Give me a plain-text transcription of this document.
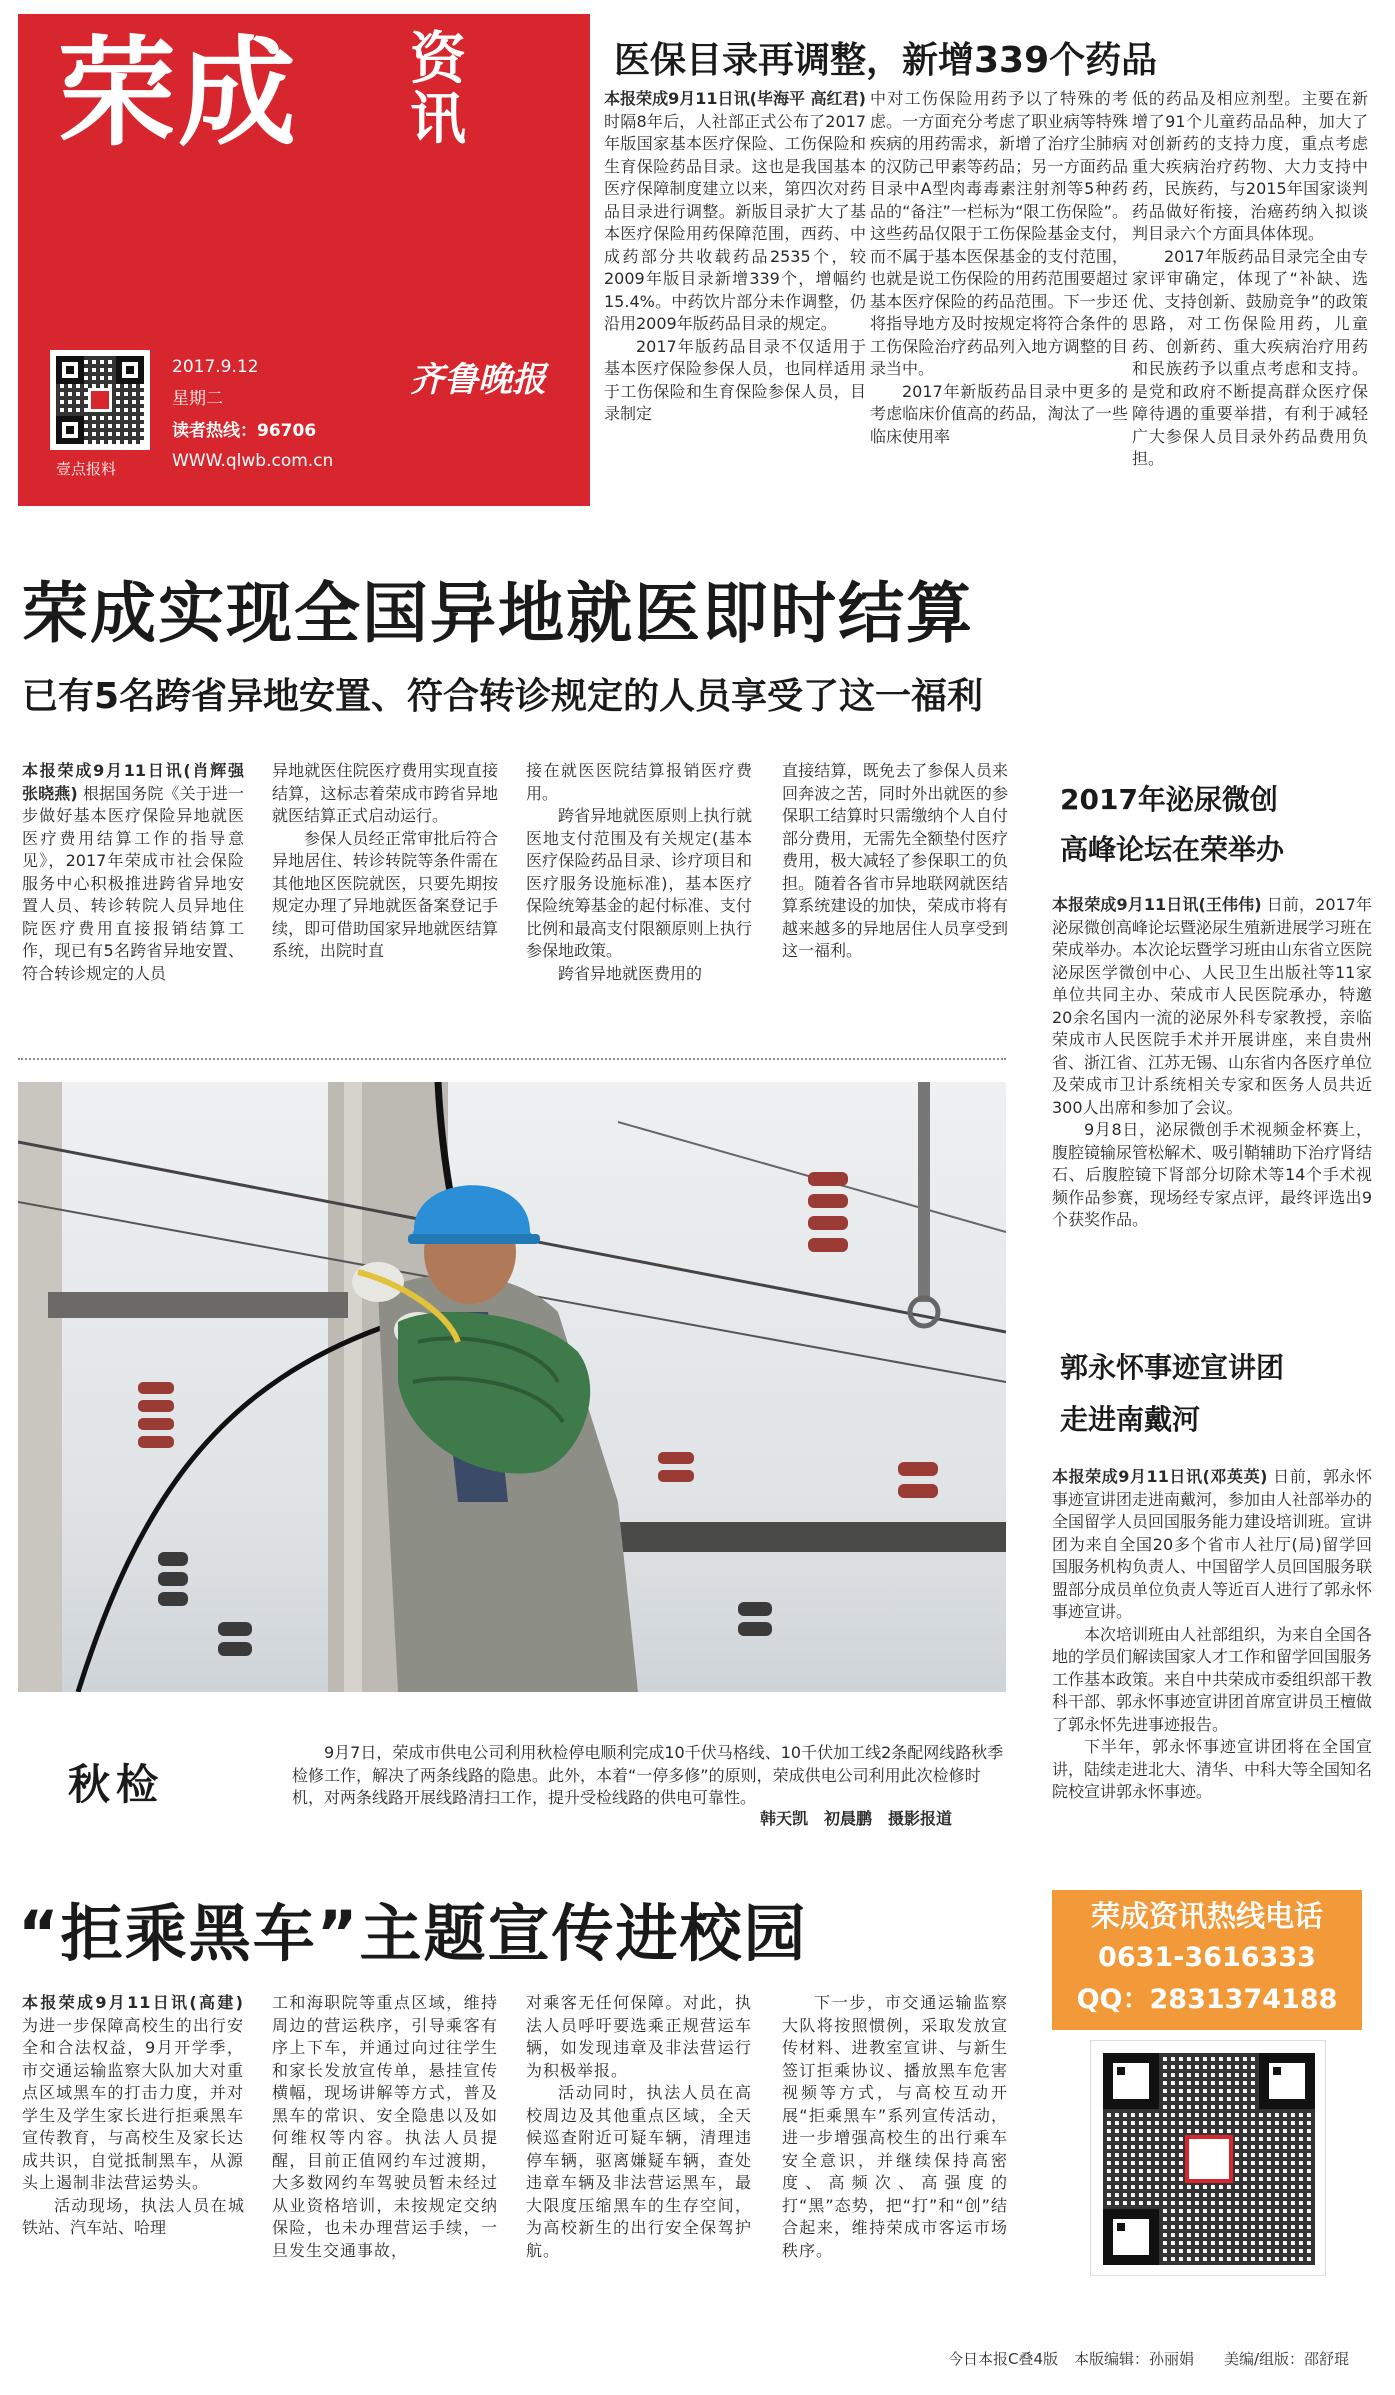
荣成 资讯
壹点报料
2017.9.12
星期二
读者热线：96706
WWW.qlwb.com.cn
齐鲁晚报
医保目录再调整，新增339个药品

本报荣成9月11日讯(毕海平 高红君) 时隔8年后，人社部正式公布了2017年版国家基本医疗保险、工伤保险和生育保险药品目录。这也是我国基本医疗保障制度建立以来，第四次对药品目录进行调整。新版目录扩大了基本医疗保险用药保障范围，西药、中成药部分共收载药品2535个，较2009年版目录新增339个，增幅约15.4%。中药饮片部分未作调整，仍沿用2009年版药品目录的规定。

2017年版药品目录不仅适用于基本医疗保险参保人员，也同样适用于工伤保险和生育保险参保人员，目录制定

中对工伤保险用药予以了特殊的考虑。一方面充分考虑了职业病等特殊疾病的用药需求，新增了治疗尘肺病的汉防己甲素等药品；另一方面药品目录中A型肉毒毒素注射剂等5种药品的“备注”一栏标为“限工伤保险”。这些药品仅限于工伤保险基金支付，而不属于基本医保基金的支付范围，也就是说工伤保险的用药范围要超过基本医疗保险的药品范围。下一步还将指导地方及时按规定将符合条件的工伤保险治疗药品列入地方调整的目录当中。

2017年新版药品目录中更多的考虑临床价值高的药品，淘汰了一些临床使用率

低的药品及相应剂型。主要在新增了91个儿童药品品种，加大了对创新药的支持力度，重点考虑重大疾病治疗药物、大力支持中药，民族药，与2015年国家谈判药品做好衔接，治癌药纳入拟谈判目录六个方面具体体现。

2017年版药品目录完全由专家评审确定，体现了“补缺、选优、支持创新、鼓励竞争”的政策思路，对工伤保险用药，儿童药、创新药、重大疾病治疗用药和民族药予以重点考虑和支持。是党和政府不断提高群众医疗保障待遇的重要举措，有利于减轻广大参保人员目录外药品费用负担。

荣成实现全国异地就医即时结算
已有5名跨省异地安置、符合转诊规定的人员享受了这一福利

本报荣成9月11日讯(肖辉强 张晓燕) 根据国务院《关于进一步做好基本医疗保险异地就医医疗费用结算工作的指导意见》，2017年荣成市社会保险服务中心积极推进跨省异地安置人员、转诊转院人员异地住院医疗费用直接报销结算工作，现已有5名跨省异地安置、符合转诊规定的人员

异地就医住院医疗费用实现直接结算，这标志着荣成市跨省异地就医结算正式启动运行。

参保人员经正常审批后符合异地居住、转诊转院等条件需在其他地区医院就医，只要先期按规定办理了异地就医备案登记手续，即可借助国家异地就医结算系统，出院时直

接在就医医院结算报销医疗费用。

跨省异地就医原则上执行就医地支付范围及有关规定(基本医疗保险药品目录、诊疗项目和医疗服务设施标准)，基本医疗保险统筹基金的起付标准、支付比例和最高支付限额原则上执行参保地政策。

跨省异地就医费用的

直接结算，既免去了参保人员来回奔波之苦，同时外出就医的参保职工结算时只需缴纳个人自付部分费用，无需先全额垫付医疗费用，极大减轻了参保职工的负担。随着各省市异地联网就医结算系统建设的加快，荣成市将有越来越多的异地居住人员享受到这一福利。

2017年泌尿微创
高峰论坛在荣举办

本报荣成9月11日讯(王伟伟) 日前，2017年泌尿微创高峰论坛暨泌尿生殖新进展学习班在荣成举办。本次论坛暨学习班由山东省立医院泌尿医学微创中心、人民卫生出版社等11家单位共同主办、荣成市人民医院承办，特邀20余名国内一流的泌尿外科专家教授，亲临荣成市人民医院手术并开展讲座，来自贵州省、浙江省、江苏无锡、山东省内各医疗单位及荣成市卫计系统相关专家和医务人员共近300人出席和参加了会议。

9月8日，泌尿微创手术视频金杯赛上，腹腔镜输尿管松解术、吸引鞘辅助下治疗肾结石、后腹腔镜下肾部分切除术等14个手术视频作品参赛，现场经专家点评，最终评选出9个获奖作品。

郭永怀事迹宣讲团
走进南戴河

本报荣成9月11日讯(邓英英) 日前，郭永怀事迹宣讲团走进南戴河，参加由人社部举办的全国留学人员回国服务能力建设培训班。宣讲团为来自全国20多个省市人社厅(局)留学回国服务机构负责人、中国留学人员回国服务联盟部分成员单位负责人等近百人进行了郭永怀事迹宣讲。

本次培训班由人社部组织，为来自全国各地的学员们解读国家人才工作和留学回国服务工作基本政策。来自中共荣成市委组织部干教科干部、郭永怀事迹宣讲团首席宣讲员王檀做了郭永怀先进事迹报告。

下半年，郭永怀事迹宣讲团将在全国宣讲，陆续走进北大、清华、中科大等全国知名院校宣讲郭永怀事迹。

秋检
9月7日，荣成市供电公司利用秋检停电顺利完成10千伏马格线、10千伏加工线2条配网线路秋季检修工作，解决了两条线路的隐患。此外，本着“一停多修”的原则，荣成供电公司利用此次检修时机，对两条线路开展线路清扫工作，提升受检线路的供电可靠性。
韩天凯　初晨鹏　摄影报道
“拒乘黑车”主题宣传进校园

本报荣成9月11日讯(高建) 为进一步保障高校生的出行安全和合法权益，9月开学季，市交通运输监察大队加大对重点区域黑车的打击力度，并对学生及学生家长进行拒乘黑车宣传教育，与高校生及家长达成共识，自觉抵制黑车，从源头上遏制非法营运势头。

活动现场，执法人员在城铁站、汽车站、哈理

工和海职院等重点区域，维持周边的营运秩序，引导乘客有序上下车，并通过向过往学生和家长发放宣传单，悬挂宣传横幅，现场讲解等方式，普及黑车的常识、安全隐患以及如何维权等内容。执法人员提醒，目前正值网约车过渡期，大多数网约车驾驶员暂未经过从业资格培训，未按规定交纳保险，也未办理营运手续，一旦发生交通事故，

对乘客无任何保障。对此，执法人员呼吁要选乘正规营运车辆，如发现违章及非法营运行为积极举报。

活动同时，执法人员在高校周边及其他重点区域，全天候巡查附近可疑车辆，清理违停车辆，驱离嫌疑车辆，查处违章车辆及非法营运黑车，最大限度压缩黑车的生存空间，为高校新生的出行安全保驾护航。

下一步，市交通运输监察大队将按照惯例，采取发放宣传材料、进教室宣讲、与新生签订拒乘协议、播放黑车危害视频等方式，与高校互动开展“拒乘黑车”系列宣传活动，进一步增强高校生的出行乘车安全意识，并继续保持高密度、高频次、高强度的打“黑”态势，把“打”和“创”结合起来，维持荣成市客运市场秩序。

荣成资讯热线电话
0631-3616333
QQ：2831374188
今日本报C叠4版 本版编辑：孙丽娟 美编/组版：邵舒琨
